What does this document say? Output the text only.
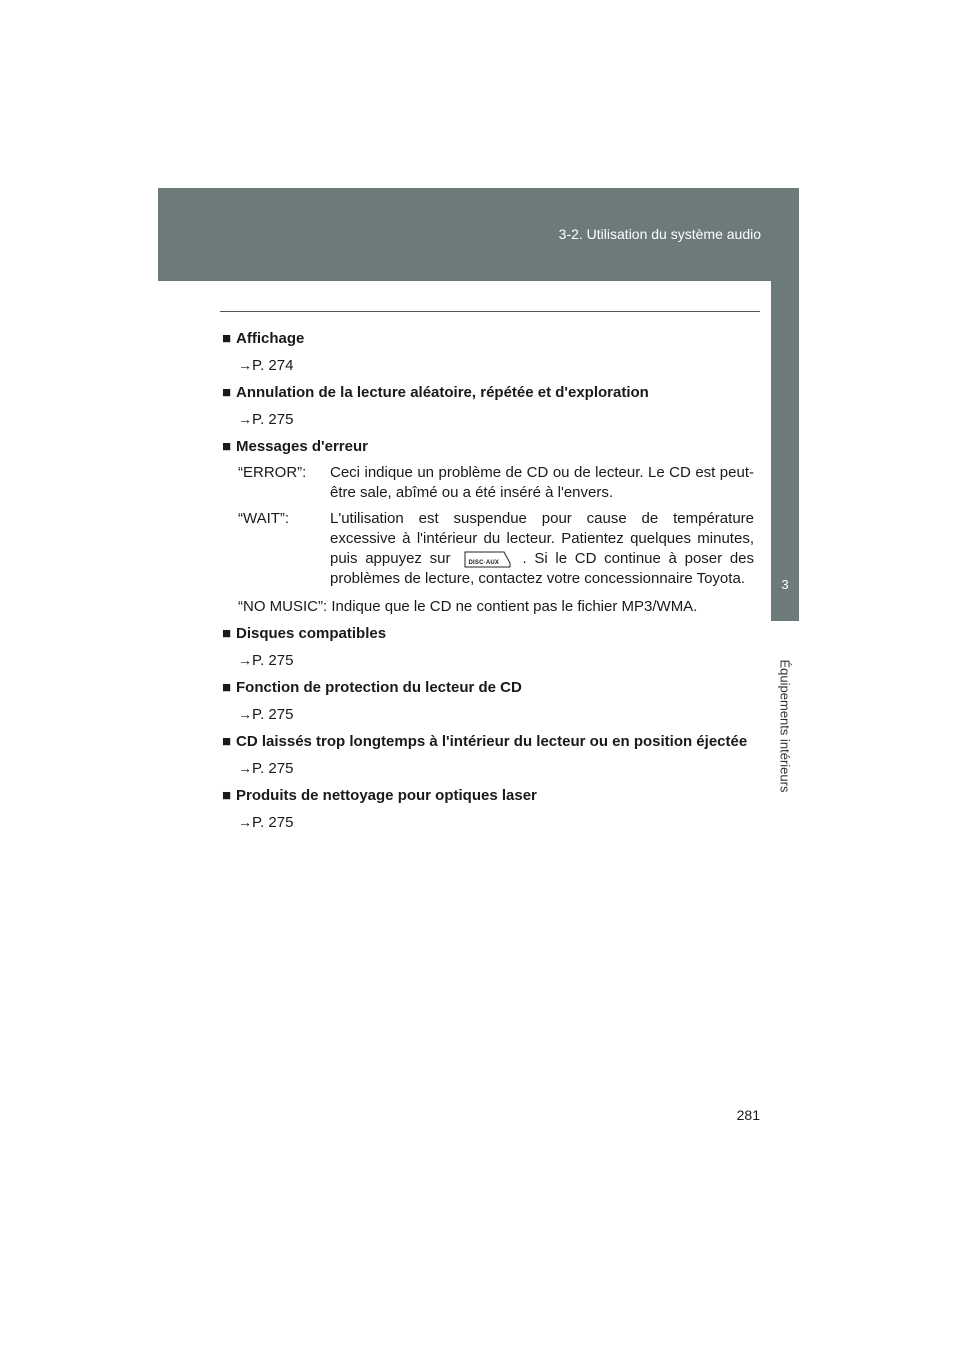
3-2. Utilisation du système audio
3
Équipements intérieurs
■ Affichage
→P. 274
■ Annulation de la lecture aléatoire, répétée et d'exploration
→P. 275
■ Messages d'erreur
“ERROR”:	Ceci indique un problème de CD ou de lecteur. Le CD est peut-être sale, abîmé ou a été inséré à l'envers.
“WAIT”:	L'utilisation est suspendue pour cause de température excessive à l'intérieur du lecteur. Patientez quelques minutes, puis appuyez sur	DISC·AUX . Si le CD continue à poser des problèmes de lecture, contactez votre concessionnaire Toyota.
“NO MUSIC”: Indique que le CD ne contient pas le fichier MP3/WMA.
■ Disques compatibles
→P. 275
■ Fonction de protection du lecteur de CD
→P. 275
■ CD laissés trop longtemps à l'intérieur du lecteur ou en position éjectée
→P. 275
■ Produits de nettoyage pour optiques laser
→P. 275
281
